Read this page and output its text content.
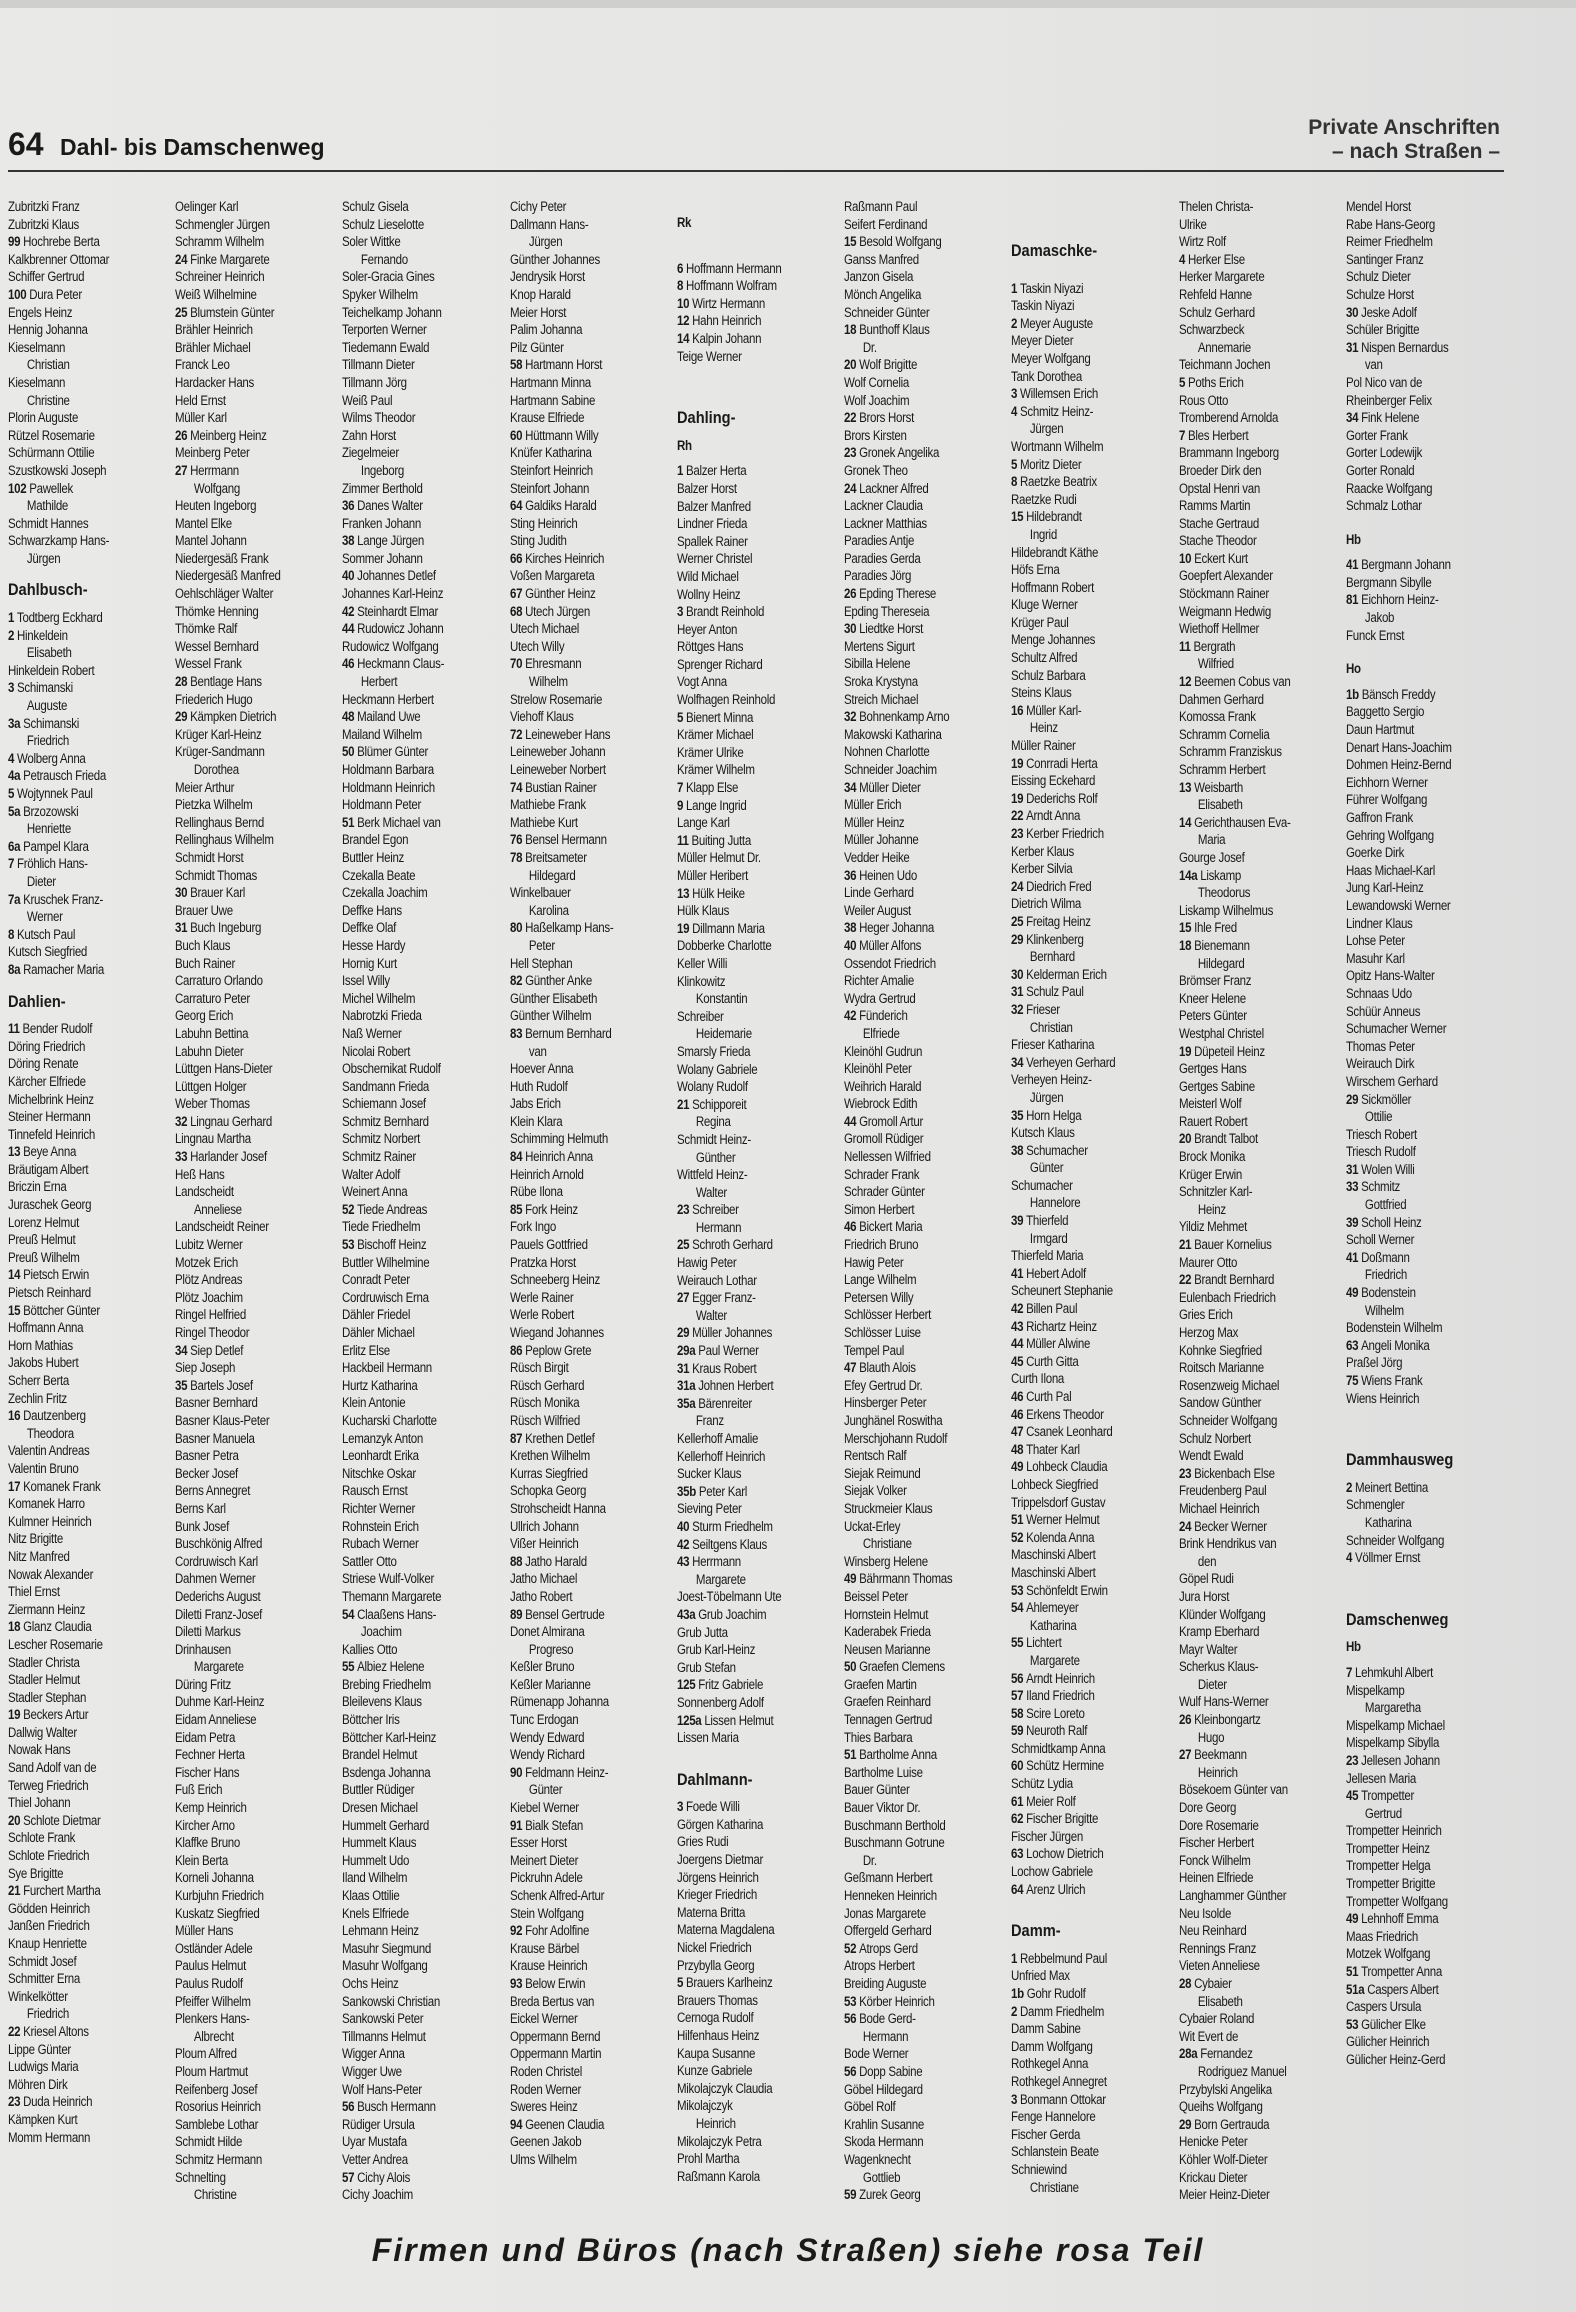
64 Dahl- bis Damschenweg
Private Anschriften
– nach Straßen –
Zubritzki Franz
Zubritzki Klaus
99 Hochrebe Berta
Kalkbrenner Ottomar
Schiffer Gertrud
100 Dura Peter
Engels Heinz
Hennig Johanna
Kieselmann
Christian
Kieselmann
Christine
Plorin Auguste
Rützel Rosemarie
Schürmann Ottilie
Szustkowski Joseph
102 Pawellek
Mathilde
Schmidt Hannes
Schwarzkamp Hans-
Jürgen
Dahlbusch-
1 Todtberg Eckhard
2 Hinkeldein
Elisabeth
Hinkeldein Robert
3 Schimanski
Auguste
3a Schimanski
Friedrich
4 Wolberg Anna
4a Petrausch Frieda
5 Wojtynnek Paul
5a Brzozowski
Henriette
6a Pampel Klara
7 Fröhlich Hans-
Dieter
7a Kruschek Franz-
Werner
8 Kutsch Paul
Kutsch Siegfried
8a Ramacher Maria
Dahlien-
11 Bender Rudolf
Döring Friedrich
Döring Renate
Kärcher Elfriede
Michelbrink Heinz
Steiner Hermann
Tinnefeld Heinrich
13 Beye Anna
Bräutigam Albert
Briczin Erna
Juraschek Georg
Lorenz Helmut
Preuß Helmut
Preuß Wilhelm
14 Pietsch Erwin
Pietsch Reinhard
15 Böttcher Günter
Hoffmann Anna
Horn Mathias
Jakobs Hubert
Scherr Berta
Zechlin Fritz
16 Dautzenberg
Theodora
Valentin Andreas
Valentin Bruno
17 Komanek Frank
Komanek Harro
Kulmner Heinrich
Nitz Brigitte
Nitz Manfred
Nowak Alexander
Thiel Ernst
Ziermann Heinz
18 Glanz Claudia
Lescher Rosemarie
Stadler Christa
Stadler Helmut
Stadler Stephan
19 Beckers Artur
Dallwig Walter
Nowak Hans
Sand Adolf van de
Terweg Friedrich
Thiel Johann
20 Schlote Dietmar
Schlote Frank
Schlote Friedrich
Sye Brigitte
21 Furchert Martha
Gödden Heinrich
Janßen Friedrich
Knaup Henriette
Schmidt Josef
Schmitter Erna
Winkelkötter
Friedrich
22 Kriesel Altons
Lippe Günter
Ludwigs Maria
Möhren Dirk
23 Duda Heinrich
Kämpken Kurt
Momm Hermann
Oelinger Karl
Schmengler Jürgen
Schramm Wilhelm
24 Finke Margarete
Schreiner Heinrich
Weiß Wilhelmine
25 Blumstein Günter
Brähler Heinrich
Brähler Michael
Franck Leo
Hardacker Hans
Held Ernst
Müller Karl
26 Meinberg Heinz
Meinberg Peter
27 Herrmann
Wolfgang
Heuten Ingeborg
Mantel Elke
Mantel Johann
Niedergesäß Frank
Niedergesäß Manfred
Oehlschläger Walter
Thömke Henning
Thömke Ralf
Wessel Bernhard
Wessel Frank
28 Bentlage Hans
Friederich Hugo
29 Kämpken Dietrich
Krüger Karl-Heinz
Krüger-Sandmann
Dorothea
Meier Arthur
Pietzka Wilhelm
Rellinghaus Bernd
Rellinghaus Wilhelm
Schmidt Horst
Schmidt Thomas
30 Brauer Karl
Brauer Uwe
31 Buch Ingeburg
Buch Klaus
Buch Rainer
Carraturo Orlando
Carraturo Peter
Georg Erich
Labuhn Bettina
Labuhn Dieter
Lüttgen Hans-Dieter
Lüttgen Holger
Weber Thomas
32 Lingnau Gerhard
Lingnau Martha
33 Harlander Josef
Heß Hans
Landscheidt
Anneliese
Landscheidt Reiner
Lubitz Werner
Motzek Erich
Plötz Andreas
Plötz Joachim
Ringel Helfried
Ringel Theodor
34 Siep Detlef
Siep Joseph
35 Bartels Josef
Basner Bernhard
Basner Klaus-Peter
Basner Manuela
Basner Petra
Becker Josef
Berns Annegret
Berns Karl
Bunk Josef
Buschkönig Alfred
Cordruwisch Karl
Dahmen Werner
Dederichs August
Diletti Franz-Josef
Diletti Markus
Drinhausen
Margarete
Düring Fritz
Duhme Karl-Heinz
Eidam Anneliese
Eidam Petra
Fechner Herta
Fischer Hans
Fuß Erich
Kemp Heinrich
Kircher Arno
Klaffke Bruno
Klein Berta
Korneli Johanna
Kurbjuhn Friedrich
Kuskatz Siegfried
Müller Hans
Ostländer Adele
Paulus Helmut
Paulus Rudolf
Pfeiffer Wilhelm
Plenkers Hans-
Albrecht
Ploum Alfred
Ploum Hartmut
Reifenberg Josef
Rosorius Heinrich
Samblebe Lothar
Schmidt Hilde
Schmitz Hermann
Schnelting
Christine
Schulz Gisela
Schulz Lieselotte
Soler Wittke
Fernando
Soler-Gracia Gines
Spyker Wilhelm
Teichelkamp Johann
Terporten Werner
Tiedemann Ewald
Tillmann Dieter
Tillmann Jörg
Weiß Paul
Wilms Theodor
Zahn Horst
Ziegelmeier
Ingeborg
Zimmer Berthold
36 Danes Walter
Franken Johann
38 Lange Jürgen
Sommer Johann
40 Johannes Detlef
Johannes Karl-Heinz
42 Steinhardt Elmar
44 Rudowicz Johann
Rudowicz Wolfgang
46 Heckmann Claus-
Herbert
Heckmann Herbert
48 Mailand Uwe
Mailand Wilhelm
50 Blümer Günter
Holdmann Barbara
Holdmann Heinrich
Holdmann Peter
51 Berk Michael van
Brandel Egon
Buttler Heinz
Czekalla Beate
Czekalla Joachim
Deffke Hans
Deffke Olaf
Hesse Hardy
Hornig Kurt
Issel Willy
Michel Wilhelm
Nabrotzki Frieda
Naß Werner
Nicolai Robert
Obschernikat Rudolf
Sandmann Frieda
Schiemann Josef
Schmitz Bernhard
Schmitz Norbert
Schmitz Rainer
Walter Adolf
Weinert Anna
52 Tiede Andreas
Tiede Friedhelm
53 Bischoff Heinz
Buttler Wilhelmine
Conradt Peter
Cordruwisch Erna
Dähler Friedel
Dähler Michael
Erlitz Else
Hackbeil Hermann
Hurtz Katharina
Klein Antonie
Kucharski Charlotte
Lemanzyk Anton
Leonhardt Erika
Nitschke Oskar
Rausch Ernst
Richter Werner
Rohnstein Erich
Rubach Werner
Sattler Otto
Striese Wulf-Volker
Themann Margarete
54 Claaßens Hans-
Joachim
Kallies Otto
55 Albiez Helene
Brebing Friedhelm
Bleilevens Klaus
Böttcher Iris
Böttcher Karl-Heinz
Brandel Helmut
Bsdenga Johanna
Buttler Rüdiger
Dresen Michael
Hummelt Gerhard
Hummelt Klaus
Hummelt Udo
Iland Wilhelm
Klaas Ottilie
Knels Elfriede
Lehmann Heinz
Masuhr Siegmund
Masuhr Wolfgang
Ochs Heinz
Sankowski Christian
Sankowski Peter
Tillmanns Helmut
Wigger Anna
Wigger Uwe
Wolf Hans-Peter
56 Busch Hermann
Rüdiger Ursula
Uyar Mustafa
Vetter Andrea
57 Cichy Alois
Cichy Joachim
Cichy Peter
Dallmann Hans-
Jürgen
Günther Johannes
Jendrysik Horst
Knop Harald
Meier Horst
Palim Johanna
Pilz Günter
58 Hartmann Horst
Hartmann Minna
Hartmann Sabine
Krause Elfriede
60 Hüttmann Willy
Knüfer Katharina
Steinfort Heinrich
Steinfort Johann
64 Galdiks Harald
Sting Heinrich
Sting Judith
66 Kirches Heinrich
Voßen Margareta
67 Günther Heinz
68 Utech Jürgen
Utech Michael
Utech Willy
70 Ehresmann
Wilhelm
Strelow Rosemarie
Viehoff Klaus
72 Leineweber Hans
Leineweber Johann
Leineweber Norbert
74 Bustian Rainer
Mathiebe Frank
Mathiebe Kurt
76 Bensel Hermann
78 Breitsameter
Hildegard
Winkelbauer
Karolina
80 Haßelkamp Hans-
Peter
Hell Stephan
82 Günther Anke
Günther Elisabeth
Günther Wilhelm
83 Bernum Bernhard
van
Hoever Anna
Huth Rudolf
Jabs Erich
Klein Klara
Schimming Helmuth
84 Heinrich Anna
Heinrich Arnold
Rübe Ilona
85 Fork Heinz
Fork Ingo
Pauels Gottfried
Pratzka Horst
Schneeberg Heinz
Werle Rainer
Werle Robert
Wiegand Johannes
86 Peplow Grete
Rüsch Birgit
Rüsch Gerhard
Rüsch Monika
Rüsch Wilfried
87 Krethen Detlef
Krethen Wilhelm
Kurras Siegfried
Schopka Georg
Strohscheidt Hanna
Ullrich Johann
Vißer Heinrich
88 Jatho Harald
Jatho Michael
Jatho Robert
89 Bensel Gertrude
Donet Almirana
Progreso
Keßler Bruno
Keßler Marianne
Rümenapp Johanna
Tunc Erdogan
Wendy Edward
Wendy Richard
90 Feldmann Heinz-
Günter
Kiebel Werner
91 Bialk Stefan
Esser Horst
Meinert Dieter
Pickruhn Adele
Schenk Alfred-Artur
Stein Wolfgang
92 Fohr Adolfine
Krause Bärbel
Krause Heinrich
93 Below Erwin
Breda Bertus van
Eickel Werner
Oppermann Bernd
Oppermann Martin
Roden Christel
Roden Werner
Sweres Heinz
94 Geenen Claudia
Geenen Jakob
Ulms Wilhelm
Rk
6 Hoffmann Hermann
8 Hoffmann Wolfram
10 Wirtz Hermann
12 Hahn Heinrich
14 Kalpin Johann
Teige Werner
Dahling-
Rh
1 Balzer Herta
Balzer Horst
Balzer Manfred
Lindner Frieda
Spallek Rainer
Werner Christel
Wild Michael
Wollny Heinz
3 Brandt Reinhold
Heyer Anton
Röttges Hans
Sprenger Richard
Vogt Anna
Wolfhagen Reinhold
5 Bienert Minna
Krämer Michael
Krämer Ulrike
Krämer Wilhelm
7 Klapp Else
9 Lange Ingrid
Lange Karl
11 Buiting Jutta
Müller Helmut Dr.
Müller Heribert
13 Hülk Heike
Hülk Klaus
19 Dillmann Maria
Dobberke Charlotte
Keller Willi
Klinkowitz
Konstantin
Schreiber
Heidemarie
Smarsly Frieda
Wolany Gabriele
Wolany Rudolf
21 Schipporeit
Regina
Schmidt Heinz-
Günther
Wittfeld Heinz-
Walter
23 Schreiber
Hermann
25 Schroth Gerhard
Hawig Peter
Weirauch Lothar
27 Egger Franz-
Walter
29 Müller Johannes
29a Paul Werner
31 Kraus Robert
31a Johnen Herbert
35a Bärenreiter
Franz
Kellerhoff Amalie
Kellerhoff Heinrich
Sucker Klaus
35b Peter Karl
Sieving Peter
40 Sturm Friedhelm
42 Seiltgens Klaus
43 Herrmann
Margarete
Joest-Töbelmann Ute
43a Grub Joachim
Grub Jutta
Grub Karl-Heinz
Grub Stefan
125 Fritz Gabriele
Sonnenberg Adolf
125a Lissen Helmut
Lissen Maria
Dahlmann-
3 Foede Willi
Görgen Katharina
Gries Rudi
Joergens Dietmar
Jörgens Heinrich
Krieger Friedrich
Materna Britta
Materna Magdalena
Nickel Friedrich
Przybylla Georg
5 Brauers Karlheinz
Brauers Thomas
Cernoga Rudolf
Hilfenhaus Heinz
Kaupa Susanne
Kunze Gabriele
Mikolajczyk Claudia
Mikolajczyk
Heinrich
Mikolajczyk Petra
Prohl Martha
Raßmann Karola
Raßmann Paul
Seifert Ferdinand
15 Besold Wolfgang
Ganss Manfred
Janzon Gisela
Mönch Angelika
Schneider Günter
18 Bunthoff Klaus
Dr.
20 Wolf Brigitte
Wolf Cornelia
Wolf Joachim
22 Brors Horst
Brors Kirsten
23 Gronek Angelika
Gronek Theo
24 Lackner Alfred
Lackner Claudia
Lackner Matthias
Paradies Antje
Paradies Gerda
Paradies Jörg
26 Epding Therese
Epding Thereseia
30 Liedtke Horst
Mertens Sigurt
Sibilla Helene
Sroka Krystyna
Streich Michael
32 Bohnenkamp Arno
Makowski Katharina
Nohnen Charlotte
Schneider Joachim
34 Müller Dieter
Müller Erich
Müller Heinz
Müller Johanne
Vedder Heike
36 Heinen Udo
Linde Gerhard
Weiler August
38 Heger Johanna
40 Müller Alfons
Ossendot Friedrich
Richter Amalie
Wydra Gertrud
42 Fünderich
Elfriede
Kleinöhl Gudrun
Kleinöhl Peter
Weihrich Harald
Wiebrock Edith
44 Gromoll Artur
Gromoll Rüdiger
Nellessen Wilfried
Schrader Frank
Schrader Günter
Simon Herbert
46 Bickert Maria
Friedrich Bruno
Hawig Peter
Lange Wilhelm
Petersen Willy
Schlösser Herbert
Schlösser Luise
Tempel Paul
47 Blauth Alois
Efey Gertrud Dr.
Hinsberger Peter
Junghänel Roswitha
Merschjohann Rudolf
Rentsch Ralf
Siejak Reimund
Siejak Volker
Struckmeier Klaus
Uckat-Erley
Christiane
Winsberg Helene
49 Bährmann Thomas
Beissel Peter
Hornstein Helmut
Kaderabek Frieda
Neusen Marianne
50 Graefen Clemens
Graefen Martin
Graefen Reinhard
Tennagen Gertrud
Thies Barbara
51 Bartholme Anna
Bartholme Luise
Bauer Günter
Bauer Viktor Dr.
Buschmann Berthold
Buschmann Gotrune
Dr.
Geßmann Herbert
Henneken Heinrich
Jonas Margarete
Offergeld Gerhard
52 Atrops Gerd
Atrops Herbert
Breiding Auguste
53 Körber Heinrich
56 Bode Gerd-
Hermann
Bode Werner
56 Dopp Sabine
Göbel Hildegard
Göbel Rolf
Krahlin Susanne
Skoda Hermann
Wagenknecht
Gottlieb
59 Zurek Georg
Damaschke-
1 Taskin Niyazi
Taskin Niyazi
2 Meyer Auguste
Meyer Dieter
Meyer Wolfgang
Tank Dorothea
3 Willemsen Erich
4 Schmitz Heinz-
Jürgen
Wortmann Wilhelm
5 Moritz Dieter
8 Raetzke Beatrix
Raetzke Rudi
15 Hildebrandt
Ingrid
Hildebrandt Käthe
Höfs Erna
Hoffmann Robert
Kluge Werner
Krüger Paul
Menge Johannes
Schultz Alfred
Schulz Barbara
Steins Klaus
16 Müller Karl-
Heinz
Müller Rainer
19 Conrradi Herta
Eissing Eckehard
19 Dederichs Rolf
22 Arndt Anna
23 Kerber Friedrich
Kerber Klaus
Kerber Silvia
24 Diedrich Fred
Dietrich Wilma
25 Freitag Heinz
29 Klinkenberg
Bernhard
30 Kelderman Erich
31 Schulz Paul
32 Frieser
Christian
Frieser Katharina
34 Verheyen Gerhard
Verheyen Heinz-
Jürgen
35 Horn Helga
Kutsch Klaus
38 Schumacher
Günter
Schumacher
Hannelore
39 Thierfeld
Irmgard
Thierfeld Maria
41 Hebert Adolf
Scheunert Stephanie
42 Billen Paul
43 Richartz Heinz
44 Müller Alwine
45 Curth Gitta
Curth Ilona
46 Curth Pal
46 Erkens Theodor
47 Csanek Leonhard
48 Thater Karl
49 Lohbeck Claudia
Lohbeck Siegfried
Trippelsdorf Gustav
51 Werner Helmut
52 Kolenda Anna
Maschinski Albert
Maschinski Albert
53 Schönfeldt Erwin
54 Ahlemeyer
Katharina
55 Lichtert
Margarete
56 Arndt Heinrich
57 Iland Friedrich
58 Scire Loreto
59 Neuroth Ralf
Schmidtkamp Anna
60 Schütz Hermine
Schütz Lydia
61 Meier Rolf
62 Fischer Brigitte
Fischer Jürgen
63 Lochow Dietrich
Lochow Gabriele
64 Arenz Ulrich
Damm-
1 Rebbelmund Paul
Unfried Max
1b Gohr Rudolf
2 Damm Friedhelm
Damm Sabine
Damm Wolfgang
Rothkegel Anna
Rothkegel Annegret
3 Bonmann Ottokar
Fenge Hannelore
Fischer Gerda
Schlanstein Beate
Schniewind
Christiane
Thelen Christa-
Ulrike
Wirtz Rolf
4 Herker Else
Herker Margarete
Rehfeld Hanne
Schulz Gerhard
Schwarzbeck
Annemarie
Teichmann Jochen
5 Poths Erich
Rous Otto
Tromberend Arnolda
7 Bles Herbert
Brammann Ingeborg
Broeder Dirk den
Opstal Henri van
Ramms Martin
Stache Gertraud
Stache Theodor
10 Eckert Kurt
Goepfert Alexander
Stöckmann Rainer
Weigmann Hedwig
Wiethoff Hellmer
11 Bergrath
Wilfried
12 Beemen Cobus van
Dahmen Gerhard
Komossa Frank
Schramm Cornelia
Schramm Franziskus
Schramm Herbert
13 Weisbarth
Elisabeth
14 Gerichthausen Eva-
Maria
Gourge Josef
14a Liskamp
Theodorus
Liskamp Wilhelmus
15 Ihle Fred
18 Bienemann
Hildegard
Brömser Franz
Kneer Helene
Peters Günter
Westphal Christel
19 Düpeteil Heinz
Gertges Hans
Gertges Sabine
Meisterl Wolf
Rauert Robert
20 Brandt Talbot
Brock Monika
Krüger Erwin
Schnitzler Karl-
Heinz
Yildiz Mehmet
21 Bauer Kornelius
Maurer Otto
22 Brandt Bernhard
Eulenbach Friedrich
Gries Erich
Herzog Max
Kohnke Siegfried
Roitsch Marianne
Rosenzweig Michael
Sandow Günther
Schneider Wolfgang
Schulz Norbert
Wendt Ewald
23 Bickenbach Else
Freudenberg Paul
Michael Heinrich
24 Becker Werner
Brink Hendrikus van
den
Göpel Rudi
Jura Horst
Klünder Wolfgang
Kramp Eberhard
Mayr Walter
Scherkus Klaus-
Dieter
Wulf Hans-Werner
26 Kleinbongartz
Hugo
27 Beekmann
Heinrich
Bösekoem Günter van
Dore Georg
Dore Rosemarie
Fischer Herbert
Fonck Wilhelm
Heinen Elfriede
Langhammer Günther
Neu Isolde
Neu Reinhard
Rennings Franz
Vieten Anneliese
28 Cybaier
Elisabeth
Cybaier Roland
Wit Evert de
28a Fernandez
Rodriguez Manuel
Przybylski Angelika
Queihs Wolfgang
29 Born Gertrauda
Henicke Peter
Köhler Wolf-Dieter
Krickau Dieter
Meier Heinz-Dieter
Mendel Horst
Rabe Hans-Georg
Reimer Friedhelm
Santinger Franz
Schulz Dieter
Schulze Horst
30 Jeske Adolf
Schüler Brigitte
31 Nispen Bernardus
van
Pol Nico van de
Rheinberger Felix
34 Fink Helene
Gorter Frank
Gorter Lodewijk
Gorter Ronald
Raacke Wolfgang
Schmalz Lothar
Hb
41 Bergmann Johann
Bergmann Sibylle
81 Eichhorn Heinz-
Jakob
Funck Ernst
Ho
1b Bänsch Freddy
Baggetto Sergio
Daun Hartmut
Denart Hans-Joachim
Dohmen Heinz-Bernd
Eichhorn Werner
Führer Wolfgang
Gaffron Frank
Gehring Wolfgang
Goerke Dirk
Haas Michael-Karl
Jung Karl-Heinz
Lewandowski Werner
Lindner Klaus
Lohse Peter
Masuhr Karl
Opitz Hans-Walter
Schnaas Udo
Schüür Anneus
Schumacher Werner
Thomas Peter
Weirauch Dirk
Wirschem Gerhard
29 Sickmöller
Ottilie
Triesch Robert
Triesch Rudolf
31 Wolen Willi
33 Schmitz
Gottfried
39 Scholl Heinz
Scholl Werner
41 Doßmann
Friedrich
49 Bodenstein
Wilhelm
Bodenstein Wilhelm
63 Angeli Monika
Praßel Jörg
75 Wiens Frank
Wiens Heinrich
Dammhausweg
2 Meinert Bettina
Schmengler
Katharina
Schneider Wolfgang
4 Völlmer Ernst
Damschenweg
Hb
7 Lehmkuhl Albert
Mispelkamp
Margaretha
Mispelkamp Michael
Mispelkamp Sibylla
23 Jellesen Johann
Jellesen Maria
45 Trompetter
Gertrud
Trompetter Heinrich
Trompetter Heinz
Trompetter Helga
Trompetter Brigitte
Trompetter Wolfgang
49 Lehnhoff Emma
Maas Friedrich
Motzek Wolfgang
51 Trompetter Anna
51a Caspers Albert
Caspers Ursula
53 Gülicher Elke
Gülicher Heinrich
Gülicher Heinz-Gerd
Firmen und Büros (nach Straßen) siehe rosa Teil
